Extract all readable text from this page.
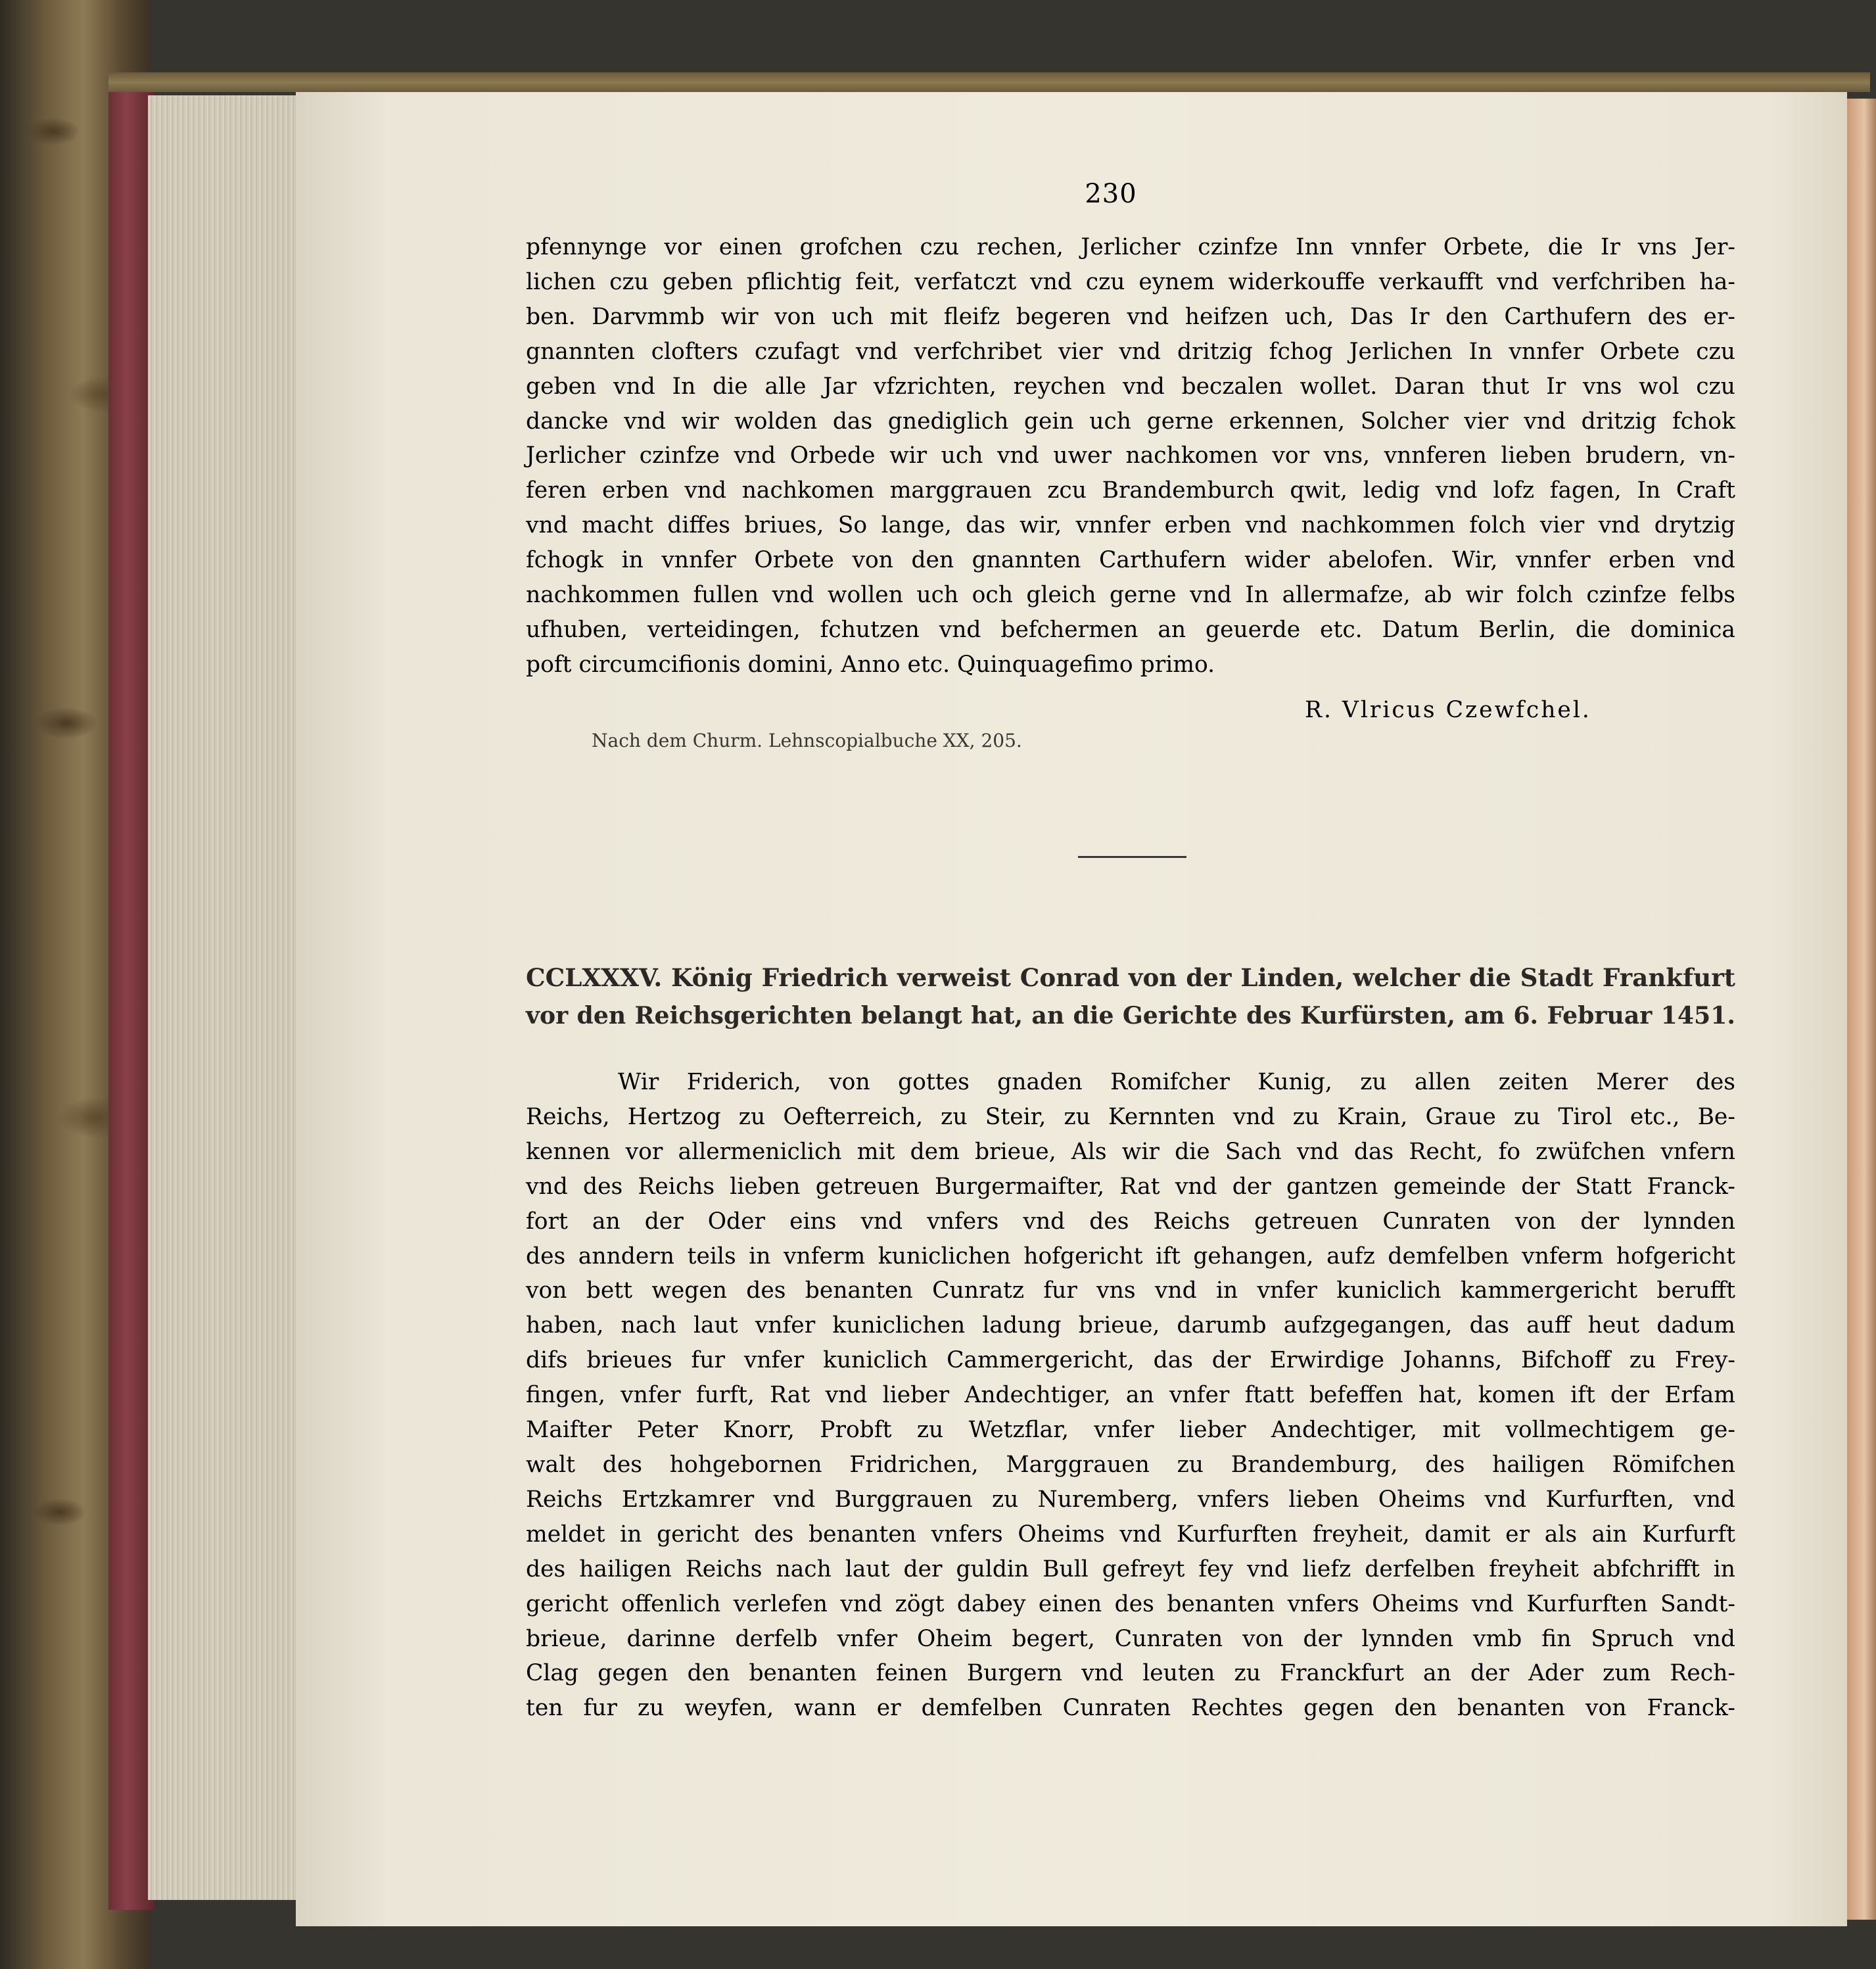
230
pfennynge vor einen grofchen czu rechen, Jerlicher czinfze Inn vnnfer Orbete, die Ir vns Jer-
lichen czu geben pflichtig feit, verfatczt vnd czu eynem widerkouffe verkaufft vnd verfchriben ha-
ben. Darvmmb wir von uch mit fleifz begeren vnd heifzen uch, Das Ir den Carthufern des er-
gnannten clofters czufagt vnd verfchribet vier vnd dritzig fchog Jerlichen In vnnfer Orbete czu
geben vnd In die alle Jar vfzrichten, reychen vnd beczalen wollet. Daran thut Ir vns wol czu
dancke vnd wir wolden das gnediglich gein uch gerne erkennen, Solcher vier vnd dritzig fchok
Jerlicher czinfze vnd Orbede wir uch vnd uwer nachkomen vor vns, vnnferen lieben brudern, vn-
feren erben vnd nachkomen marggrauen zcu Brandemburch qwit, ledig vnd lofz fagen, In Craft
vnd macht diffes briues, So lange, das wir, vnnfer erben vnd nachkommen folch vier vnd drytzig
fchogk in vnnfer Orbete von den gnannten Carthufern wider abelofen. Wir, vnnfer erben vnd
nachkommen fullen vnd wollen uch och gleich gerne vnd In allermafze, ab wir folch czinfze felbs
ufhuben, verteidingen, fchutzen vnd befchermen an geuerde etc. Datum Berlin, die dominica
poft circumcifionis domini, Anno etc. Quinquagefimo primo.
R. Vlricus Czewfchel.
Nach dem Churm. Lehnscopialbuche XX, 205.
CCLXXXV. König Friedrich verweist Conrad von der Linden, welcher die Stadt Frankfurt
vor den Reichsgerichten belangt hat, an die Gerichte des Kurfürsten, am 6. Februar 1451.
Wir Friderich, von gottes gnaden Romifcher Kunig, zu allen zeiten Merer des
Reichs, Hertzog zu Oefterreich, zu Steir, zu Kernnten vnd zu Krain, Graue zu Tirol etc., Be-
kennen vor allermeniclich mit dem brieue, Als wir die Sach vnd das Recht, fo zwüfchen vnfern
vnd des Reichs lieben getreuen Burgermaifter, Rat vnd der gantzen gemeinde der Statt Franck-
fort an der Oder eins vnd vnfers vnd des Reichs getreuen Cunraten von der lynnden
des anndern teils in vnferm kuniclichen hofgericht ift gehangen, aufz demfelben vnferm hofgericht
von bett wegen des benanten Cunratz fur vns vnd in vnfer kuniclich kammergericht berufft
haben, nach laut vnfer kuniclichen ladung brieue, darumb aufzgegangen, das auff heut dadum
difs brieues fur vnfer kuniclich Cammergericht, das der Erwirdige Johanns, Bifchoff zu Frey-
fingen, vnfer furft, Rat vnd lieber Andechtiger, an vnfer ftatt befeffen hat, komen ift der Erfam
Maifter Peter Knorr, Probft zu Wetzflar, vnfer lieber Andechtiger, mit vollmechtigem ge-
walt des hohgebornen Fridrichen, Marggrauen zu Brandemburg, des hailigen Römifchen
Reichs Ertzkamrer vnd Burggrauen zu Nuremberg, vnfers lieben Oheims vnd Kurfurften, vnd
meldet in gericht des benanten vnfers Oheims vnd Kurfurften freyheit, damit er als ain Kurfurft
des hailigen Reichs nach laut der guldin Bull gefreyt fey vnd liefz derfelben freyheit abfchrifft in
gericht offenlich verlefen vnd zögt dabey einen des benanten vnfers Oheims vnd Kurfurften Sandt-
brieue, darinne derfelb vnfer Oheim begert, Cunraten von der lynnden vmb fin Spruch vnd
Clag gegen den benanten feinen Burgern vnd leuten zu Franckfurt an der Ader zum Rech-
ten fur zu weyfen, wann er demfelben Cunraten Rechtes gegen den benanten von Franck-
